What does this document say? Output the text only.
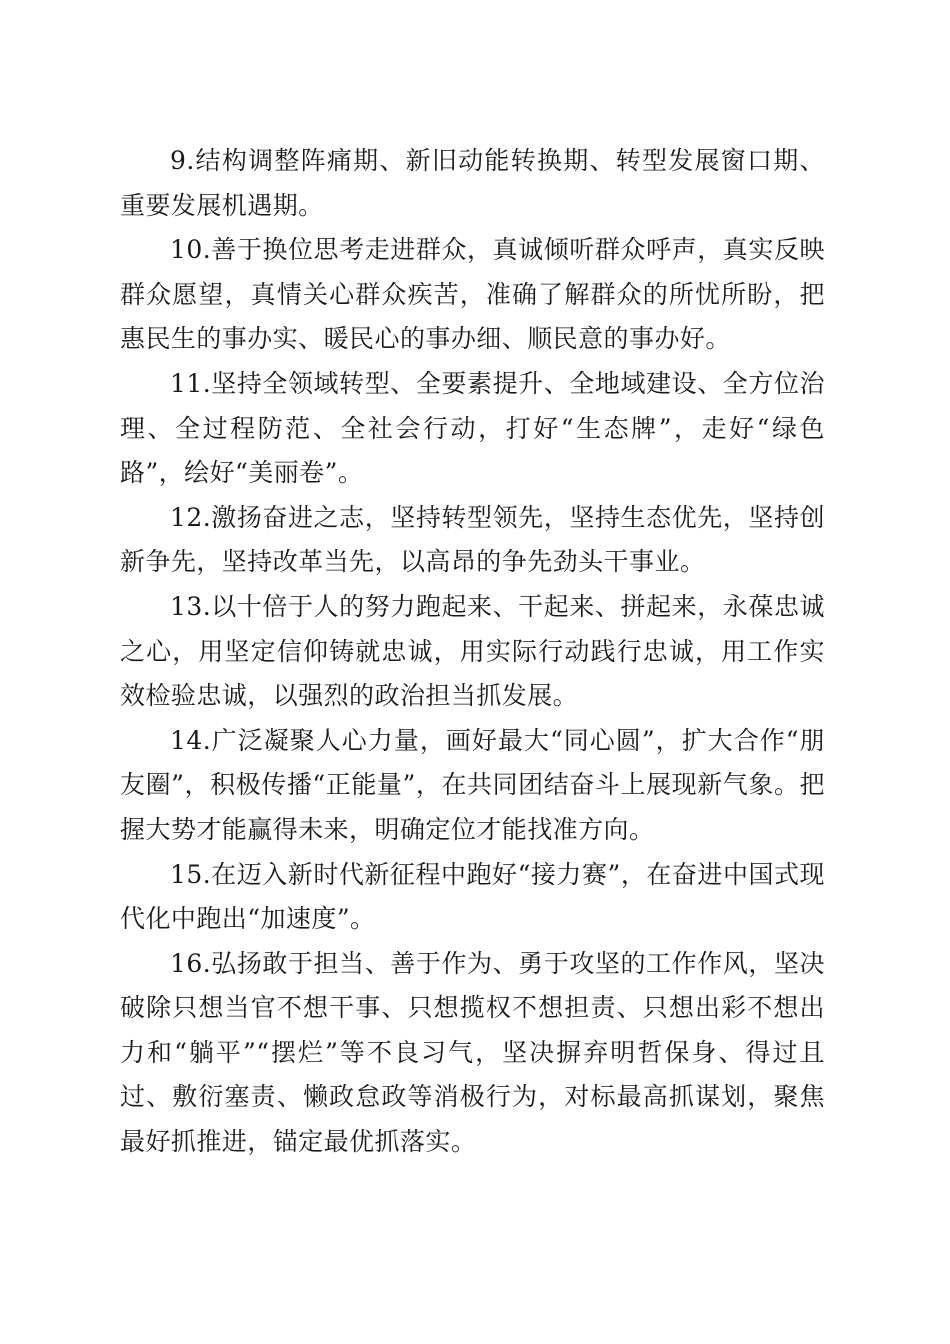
9.结构调整阵痛期、新旧动能转换期、转型发展窗口期、重要发展机遇期。

10.善于换位思考走进群众，真诚倾听群众呼声，真实反映群众愿望，真情关心群众疾苦，准确了解群众的所忧所盼，把惠民生的事办实、暖民心的事办细、顺民意的事办好。

11.坚持全领域转型、全要素提升、全地域建设、全方位治理、全过程防范、全社会行动，打好“生态牌”，走好“绿色路”，绘好“美丽卷”。

12.激扬奋进之志，坚持转型领先，坚持生态优先，坚持创新争先，坚持改革当先，以高昂的争先劲头干事业。

13.以十倍于人的努力跑起来、干起来、拼起来，永葆忠诚之心，用坚定信仰铸就忠诚，用实际行动践行忠诚，用工作实效检验忠诚，以强烈的政治担当抓发展。

14.广泛凝聚人心力量，画好最大“同心圆”，扩大合作“朋友圈”，积极传播“正能量”，在共同团结奋斗上展现新气象。把握大势才能赢得未来，明确定位才能找准方向。

15.在迈入新时代新征程中跑好“接力赛”，在奋进中国式现代化中跑出“加速度”。

16.弘扬敢于担当、善于作为、勇于攻坚的工作作风，坚决破除只想当官不想干事、只想揽权不想担责、只想出彩不想出力和“躺平”“摆烂”等不良习气，坚决摒弃明哲保身、得过且过、敷衍塞责、懒政怠政等消极行为，对标最高抓谋划，聚焦最好抓推进，锚定最优抓落实。
